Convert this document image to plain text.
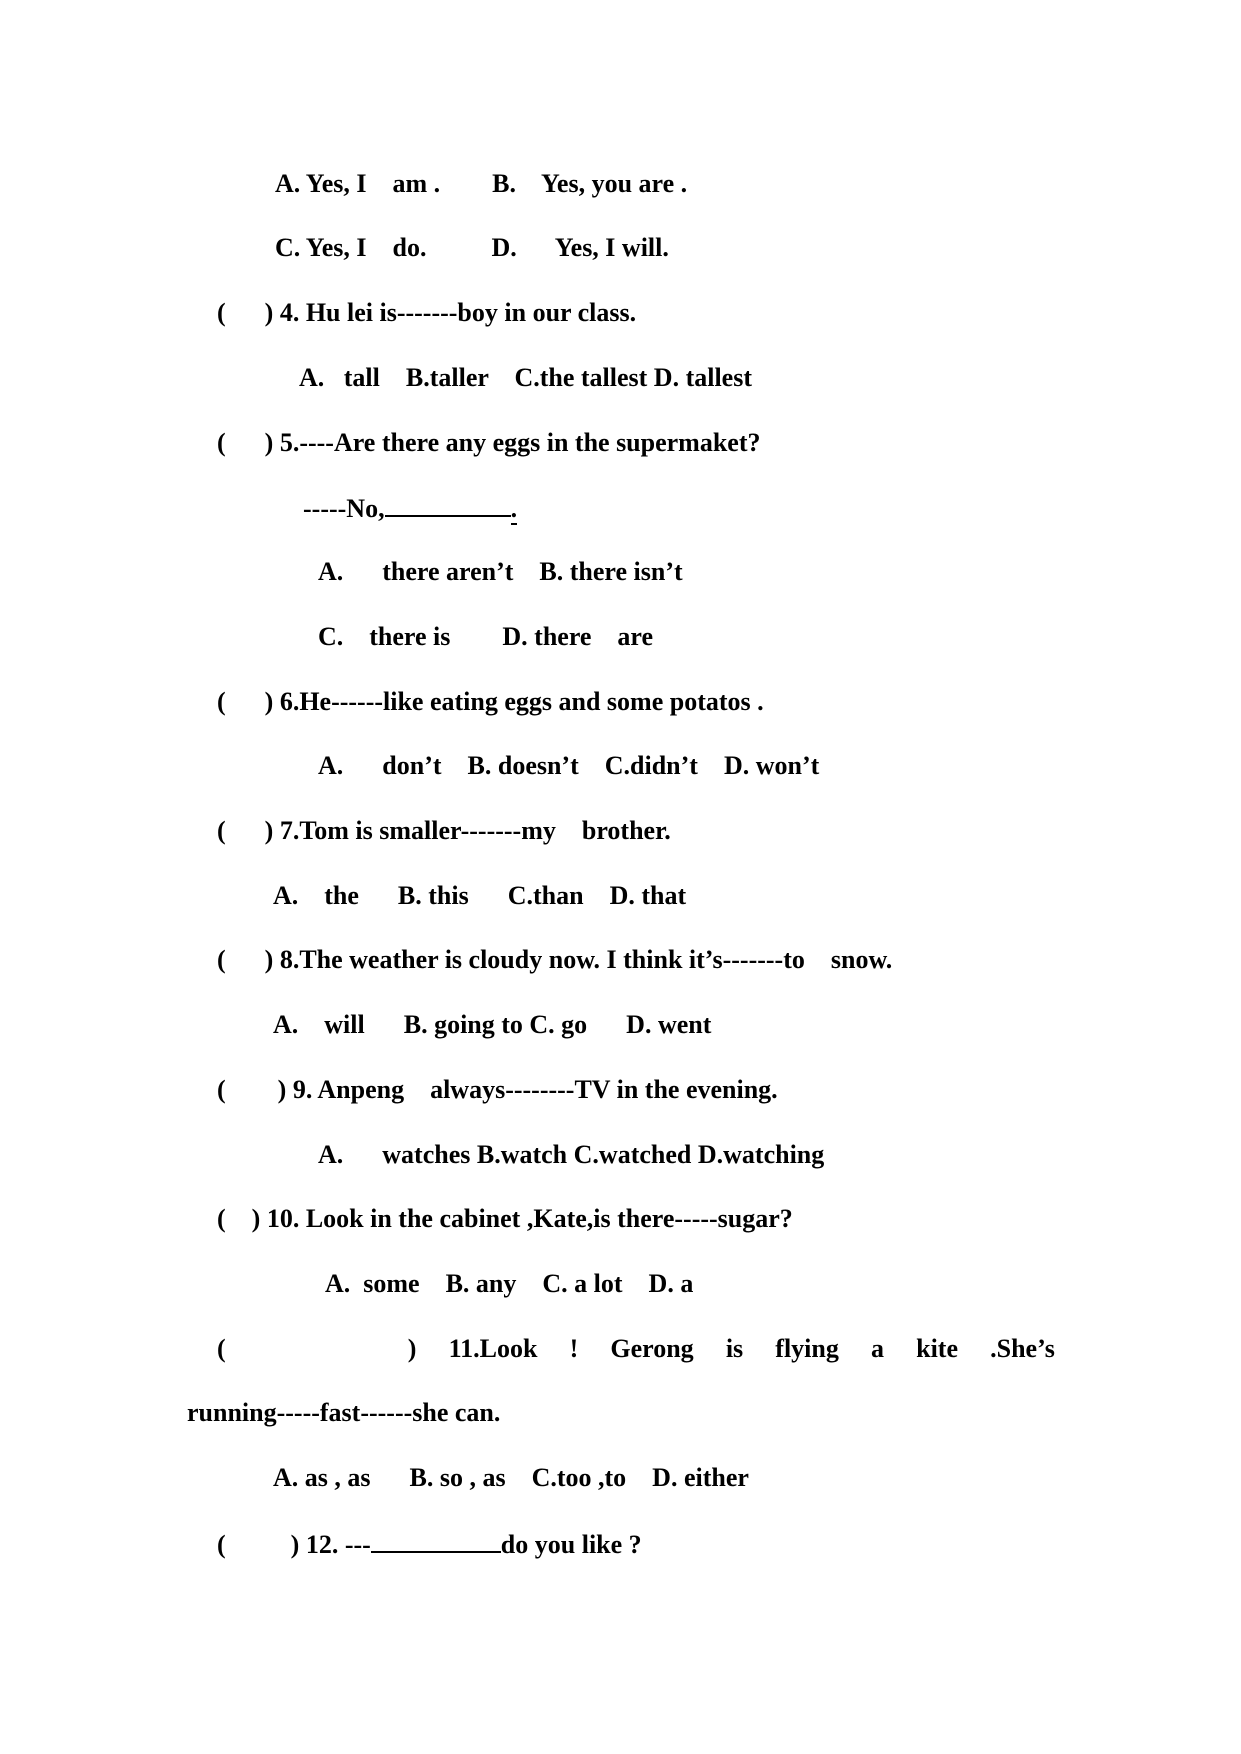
A. Yes, I    am .        B.    Yes, you are .
C. Yes, I    do.          D.      Yes, I will.
(      ) 4. Hu lei is-------boy in our class.
A.   tall    B.taller    C.the tallest D. tallest
(      ) 5.----Are there any eggs in the supermaket?
-----No,	.
A.      there aren’t    B. there isn’t
C.    there is        D. there    are
(      ) 6.He------like eating eggs and some potatos .
A.      don’t    B. doesn’t    C.didn’t    D. won’t
(      ) 7.Tom is smaller-------my    brother.
A.    the      B. this      C.than    D. that
(      ) 8.The weather is cloudy now. I think it’s-------to    snow.
A.    will      B. going to C. go      D. went
(        ) 9. Anpeng    always--------TV in the evening.
A.      watches B.watch C.watched D.watching
(    ) 10. Look in the cabinet ,Kate,is there-----sugar?
A.  some    B. any    C. a lot    D. a
(	) 11.Look ! Gerong is flying a kite .She’s
running-----fast------she can.
A. as , as      B. so , as    C.too ,to    D. either
(          ) 12. ---	do you like ?
